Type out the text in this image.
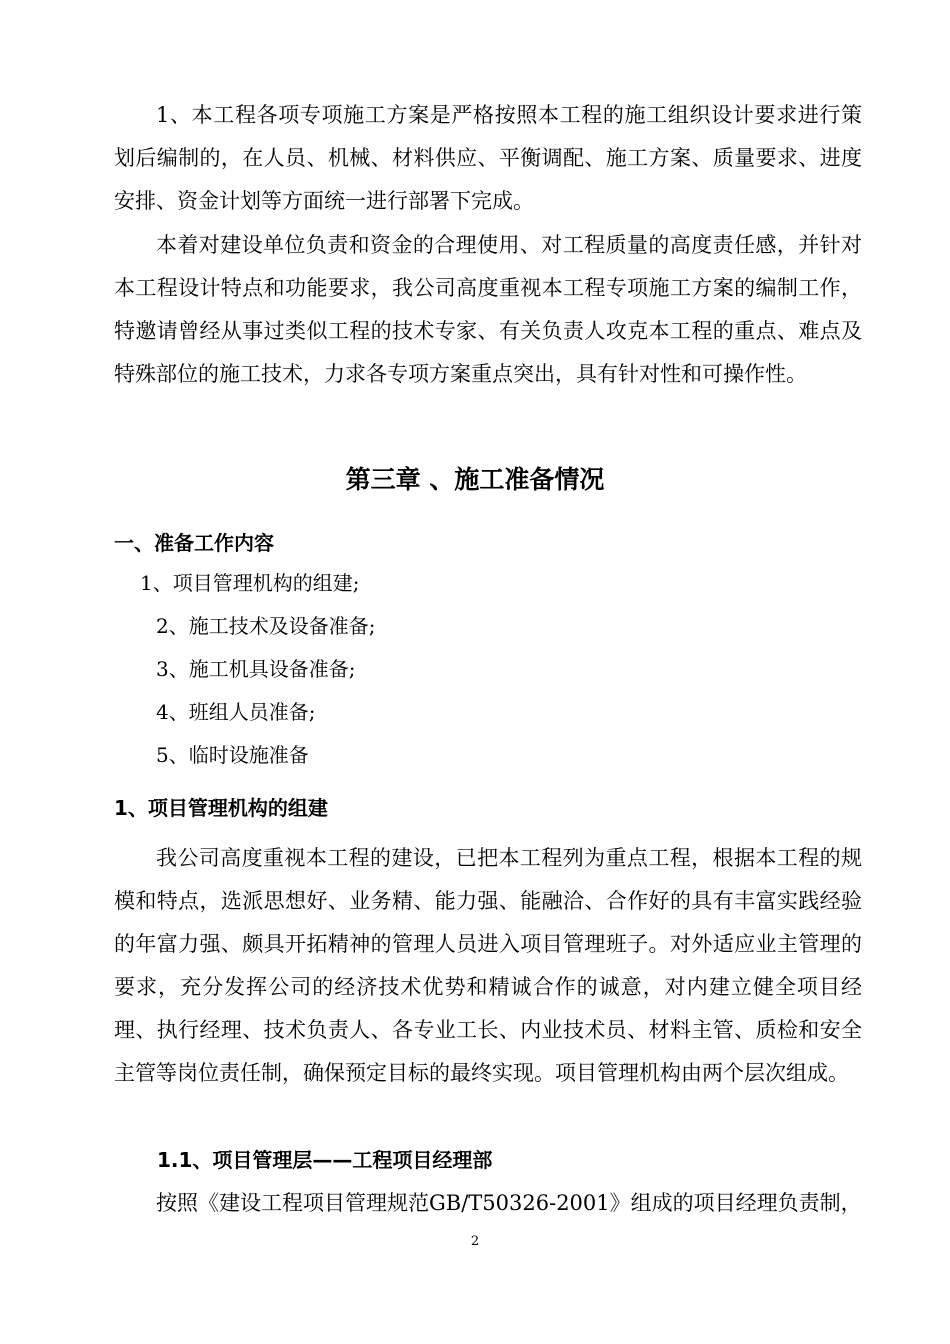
1、本工程各项专项施工方案是严格按照本工程的施工组织设计要求进行策划后编制的，在人员、机械、材料供应、平衡调配、施工方案、质量要求、进度安排、资金计划等方面统一进行部署下完成。

本着对建设单位负责和资金的合理使用、对工程质量的高度责任感，并针对本工程设计特点和功能要求，我公司高度重视本工程专项施工方案的编制工作，特邀请曾经从事过类似工程的技术专家、有关负责人攻克本工程的重点、难点及特殊部位的施工技术，力求各专项方案重点突出，具有针对性和可操作性。

第三章 、施工准备情况
一、准备工作内容
1、项目管理机构的组建;
2、施工技术及设备准备;
3、施工机具设备准备;
4、班组人员准备;
5、临时设施准备
1、项目管理机构的组建

我公司高度重视本工程的建设，已把本工程列为重点工程，根据本工程的规模和特点，选派思想好、业务精、能力强、能融洽、合作好的具有丰富实践经验的年富力强、颇具开拓精神的管理人员进入项目管理班子。对外适应业主管理的要求，充分发挥公司的经济技术优势和精诚合作的诚意，对内建立健全项目经理、执行经理、技术负责人、各专业工长、内业技术员、材料主管、质检和安全主管等岗位责任制，确保预定目标的最终实现。项目管理机构由两个层次组成。

1.1、项目管理层——工程项目经理部

按照《建设工程项目管理规范GB/T50326-2001》组成的项目经理负责制，

2
